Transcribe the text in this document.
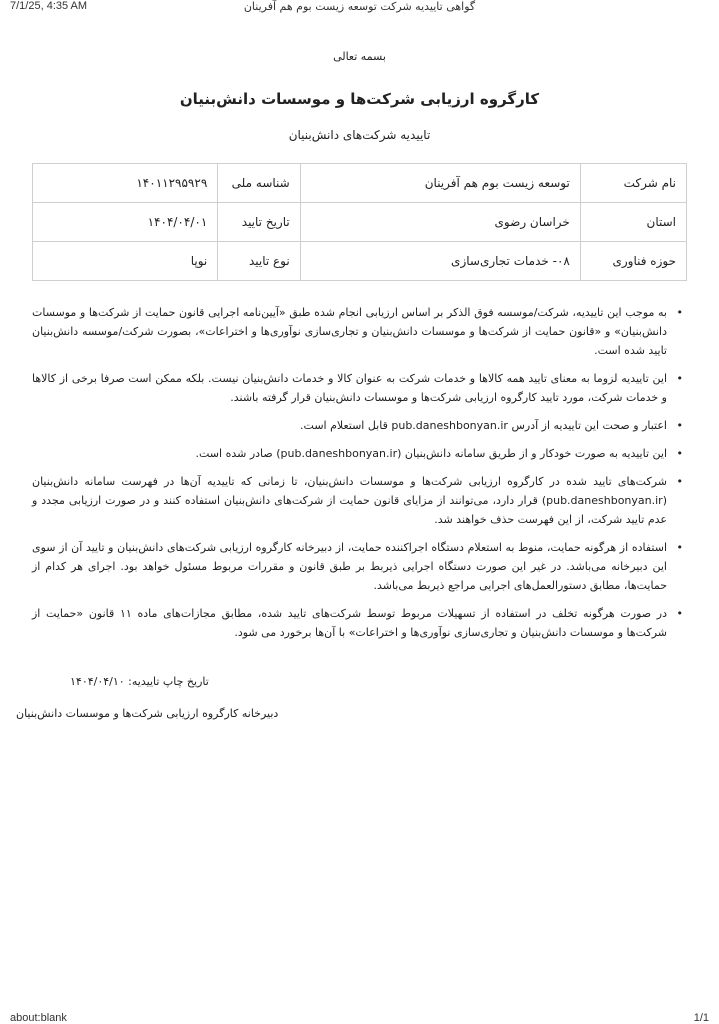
7/1/25, 4:35 AM	گواهی تاییدیه شرکت توسعه زیست بوم هم آفرینان
بسمه تعالی
کارگروه ارزیابی شرکت‌ها و موسسات دانش‌بنیان
تاییدیه شرکت‌های دانش‌بنیان
نام شرکت	توسعه زیست بوم هم آفرینان	شناسه ملی	۱۴۰۱۱۲۹۵۹۲۹
استان	خراسان رضوی	تاریخ تایید	۱۴۰۴/۰۴/۰۱
حوزه فناوری	۰۸- خدمات تجاری‌سازی	نوع تایید	نوپا
•
به موجب این تاییدیه، شرکت/موسسه فوق الذکر بر اساس ارزیابی انجام شده طبق «آیین‌نامه اجرایی قانون حمایت از شرکت‌ها و موسسات دانش‌بنیان» و «قانون حمایت از شرکت‌ها و موسسات دانش‌بنیان و تجاری‌سازی نوآوری‌ها و اختراعات»، بصورت شرکت/موسسه دانش‌بنیان تایید شده است.
•
این تاییدیه لزوما به معنای تایید همه کالاها و خدمات شرکت به عنوان کالا و خدمات دانش‌بنیان نیست. بلکه ممکن است صرفا برخی از کالاها و خدمات شرکت، مورد تایید کارگروه ارزیابی شرکت‌ها و موسسات دانش‌بنیان قرار گرفته باشند.
•
اعتبار و صحت این تاییدیه از آدرس pub.daneshbonyan.ir قابل استعلام است.
•
این تاییدیه به صورت خودکار و از طریق سامانه دانش‌بنیان (pub.daneshbonyan.ir) صادر شده است.
•
شرکت‌های تایید شده در کارگروه ارزیابی شرکت‌ها و موسسات دانش‌بنیان، تا زمانی که تاییدیه آن‌ها در فهرست سامانه دانش‌بنیان (pub.daneshbonyan.ir) قرار دارد، می‌توانند از مزایای قانون حمایت از شرکت‌های دانش‌بنیان استفاده کنند و در صورت ارزیابی مجدد و عدم تایید شرکت، از این فهرست حذف خواهند شد.
•
استفاده از هرگونه حمایت، منوط به استعلام دستگاه اجراکننده حمایت، از دبیرخانه کارگروه ارزیابی شرکت‌های دانش‌بنیان و تایید آن از سوی این دبیرخانه می‌باشد. در غیر این صورت دستگاه اجرایی ذیربط بر طبق قانون و مقررات مربوط مسئول خواهد بود. اجرای هر کدام از حمایت‌ها، مطابق دستورالعمل‌های اجرایی مراجع ذیربط می‌باشد.
•
در صورت هرگونه تخلف در استفاده از تسهیلات مربوط توسط شرکت‌های تایید شده، مطابق مجازات‌های ماده ۱۱ قانون «حمایت از شرکت‌ها و موسسات دانش‌بنیان و تجاری‌سازی نوآوری‌ها و اختراعات» با آن‌ها برخورد می شود.
تاریخ چاپ تاییدیه: ۱۴۰۴/۰۴/۱۰
دبیرخانه کارگروه ارزیابی شرکت‌ها و موسسات دانش‌بنیان
about:blank	1/1
